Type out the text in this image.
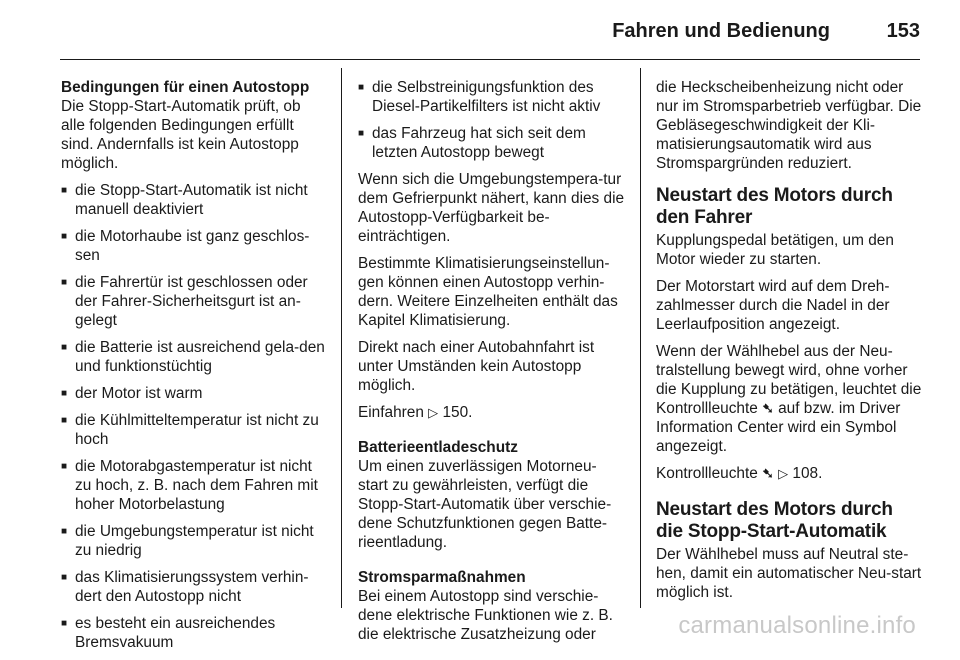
Fahren und Bedienung	153

Bedingungen für einen Autostopp

Die Stopp-Start-Automatik prüft, ob alle folgenden Bedingungen erfüllt sind. Andernfalls ist kein Autostopp möglich.

■ die Stopp-Start-Automatik ist nicht manuell deaktiviert
■ die Motorhaube ist ganz geschlos-sen
■ die Fahrertür ist geschlossen oder der Fahrer-Sicherheitsgurt ist an-gelegt
■ die Batterie ist ausreichend gela-den und funktionstüchtig
■ der Motor ist warm
■ die Kühlmitteltemperatur ist nicht zu hoch
■ die Motorabgastemperatur ist nicht zu hoch, z. B. nach dem Fahren mit hoher Motorbelastung
■ die Umgebungstemperatur ist nicht zu niedrig
■ das Klimatisierungssystem verhin-dert den Autostopp nicht
■ es besteht ein ausreichendes Bremsvakuum
■ die Selbstreinigungsfunktion des Diesel-Partikelfilters ist nicht aktiv
■ das Fahrzeug hat sich seit dem letzten Autostopp bewegt

Wenn sich die Umgebungstempera-tur dem Gefrierpunkt nähert, kann dies die Autostopp-Verfügbarkeit be-einträchtigen.

Bestimmte Klimatisierungseinstellun-gen können einen Autostopp verhin-dern. Weitere Einzelheiten enthält das Kapitel Klimatisierung.

Direkt nach einer Autobahnfahrt ist unter Umständen kein Autostopp möglich.

Einfahren ▷ 150.

Batterieentladeschutz

Um einen zuverlässigen Motorneu-start zu gewährleisten, verfügt die Stopp-Start-Automatik über verschie-dene Schutzfunktionen gegen Batte-rieentladung.

Stromsparmaßnahmen

Bei einem Autostopp sind verschie-dene elektrische Funktionen wie z. B. die elektrische Zusatzheizung oder

die Heckscheibenheizung nicht oder nur im Stromsparbetrieb verfügbar. Die Gebläsegeschwindigkeit der Kli-matisierungsautomatik wird aus Stromspargründen reduziert.

Neustart des Motors durch den Fahrer

Kupplungspedal betätigen, um den Motor wieder zu starten.

Der Motorstart wird auf dem Dreh-zahlmesser durch die Nadel in der Leerlaufposition angezeigt.

Wenn der Wählhebel aus der Neu-tralstellung bewegt wird, ohne vorher die Kupplung zu betätigen, leuchtet die Kontrollleuchte ➷ auf bzw. im Driver Information Center wird ein Symbol angezeigt.

Kontrollleuchte ➷ ▷ 108.

Neustart des Motors durch die Stopp-Start-Automatik

Der Wählhebel muss auf Neutral ste-hen, damit ein automatischer Neu-start möglich ist.

carmanualsonline.info
